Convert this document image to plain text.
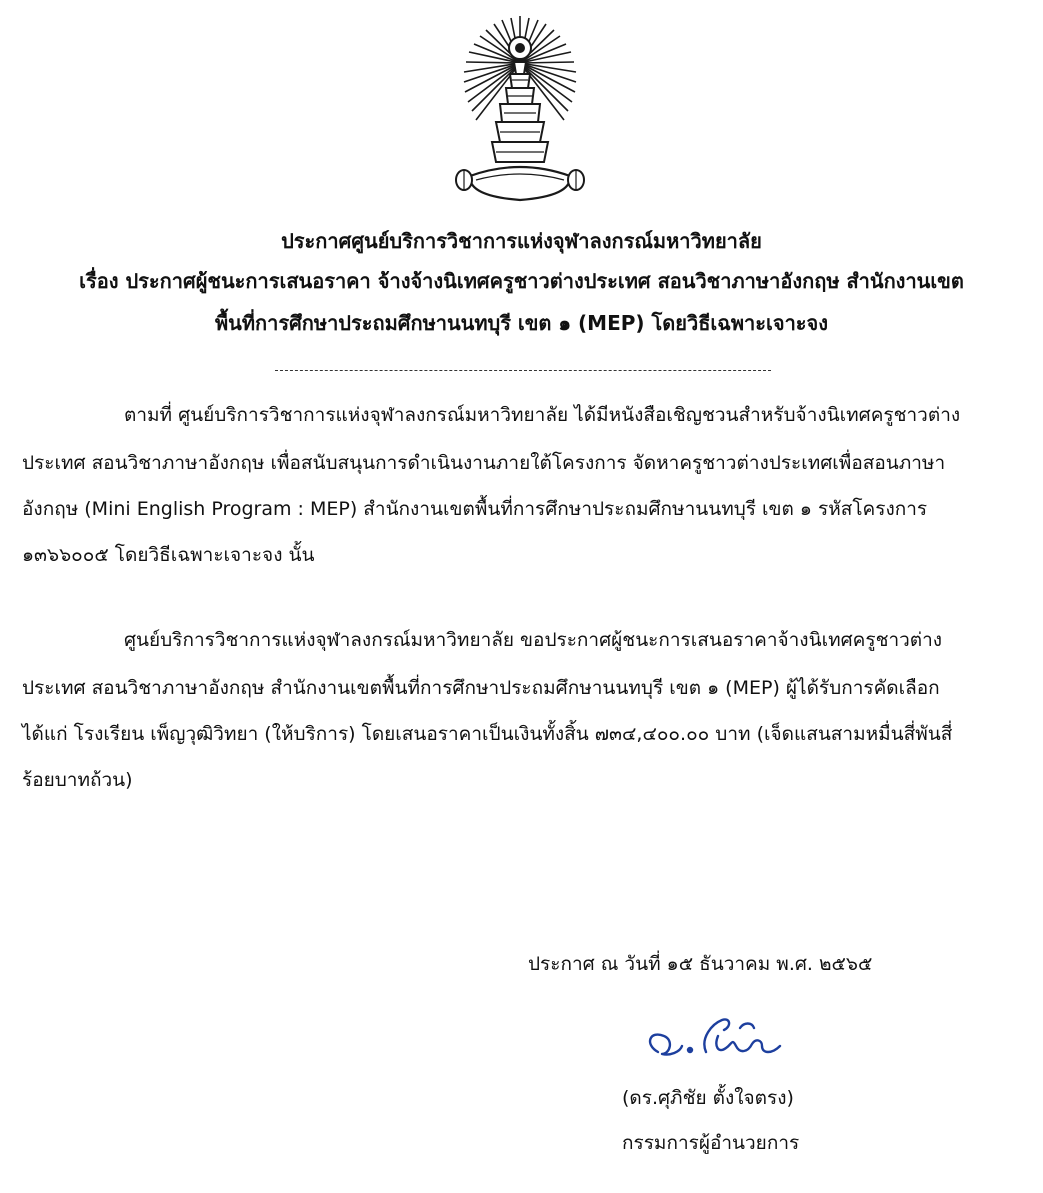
ประกาศศูนย์บริการวิชาการแห่งจุฬาลงกรณ์มหาวิทยาลัย
เรื่อง ประกาศผู้ชนะการเสนอราคา จ้างจ้างนิเทศครูชาวต่างประเทศ สอนวิชาภาษาอังกฤษ สำนักงานเขต
พื้นที่การศึกษาประถมศึกษานนทบุรี เขต ๑ (MEP) โดยวิธีเฉพาะเจาะจง
ตามที่ ศูนย์บริการวิชาการแห่งจุฬาลงกรณ์มหาวิทยาลัย ได้มีหนังสือเชิญชวนสำหรับจ้างนิเทศครูชาวต่าง
ประเทศ สอนวิชาภาษาอังกฤษ เพื่อสนับสนุนการดำเนินงานภายใต้โครงการ จัดหาครูชาวต่างประเทศเพื่อสอนภาษา
อังกฤษ (Mini English Program : MEP) สำนักงานเขตพื้นที่การศึกษาประถมศึกษานนทบุรี เขต ๑ รหัสโครงการ
๑๓๖๖๐๐๕ โดยวิธีเฉพาะเจาะจง นั้น
ศูนย์บริการวิชาการแห่งจุฬาลงกรณ์มหาวิทยาลัย ขอประกาศผู้ชนะการเสนอราคาจ้างนิเทศครูชาวต่าง
ประเทศ สอนวิชาภาษาอังกฤษ สำนักงานเขตพื้นที่การศึกษาประถมศึกษานนทบุรี เขต ๑ (MEP) ผู้ได้รับการคัดเลือก
ได้แก่ โรงเรียน เพ็ญวุฒิวิทยา (ให้บริการ) โดยเสนอราคาเป็นเงินทั้งสิ้น ๗๓๔,๔๐๐.๐๐ บาท (เจ็ดแสนสามหมื่นสี่พันสี่
ร้อยบาทถ้วน)
ประกาศ ณ วันที่ ๑๕ ธันวาคม พ.ศ. ๒๕๖๕
(ดร.ศุภิชัย ตั้งใจตรง)
กรรมการผู้อำนวยการ
